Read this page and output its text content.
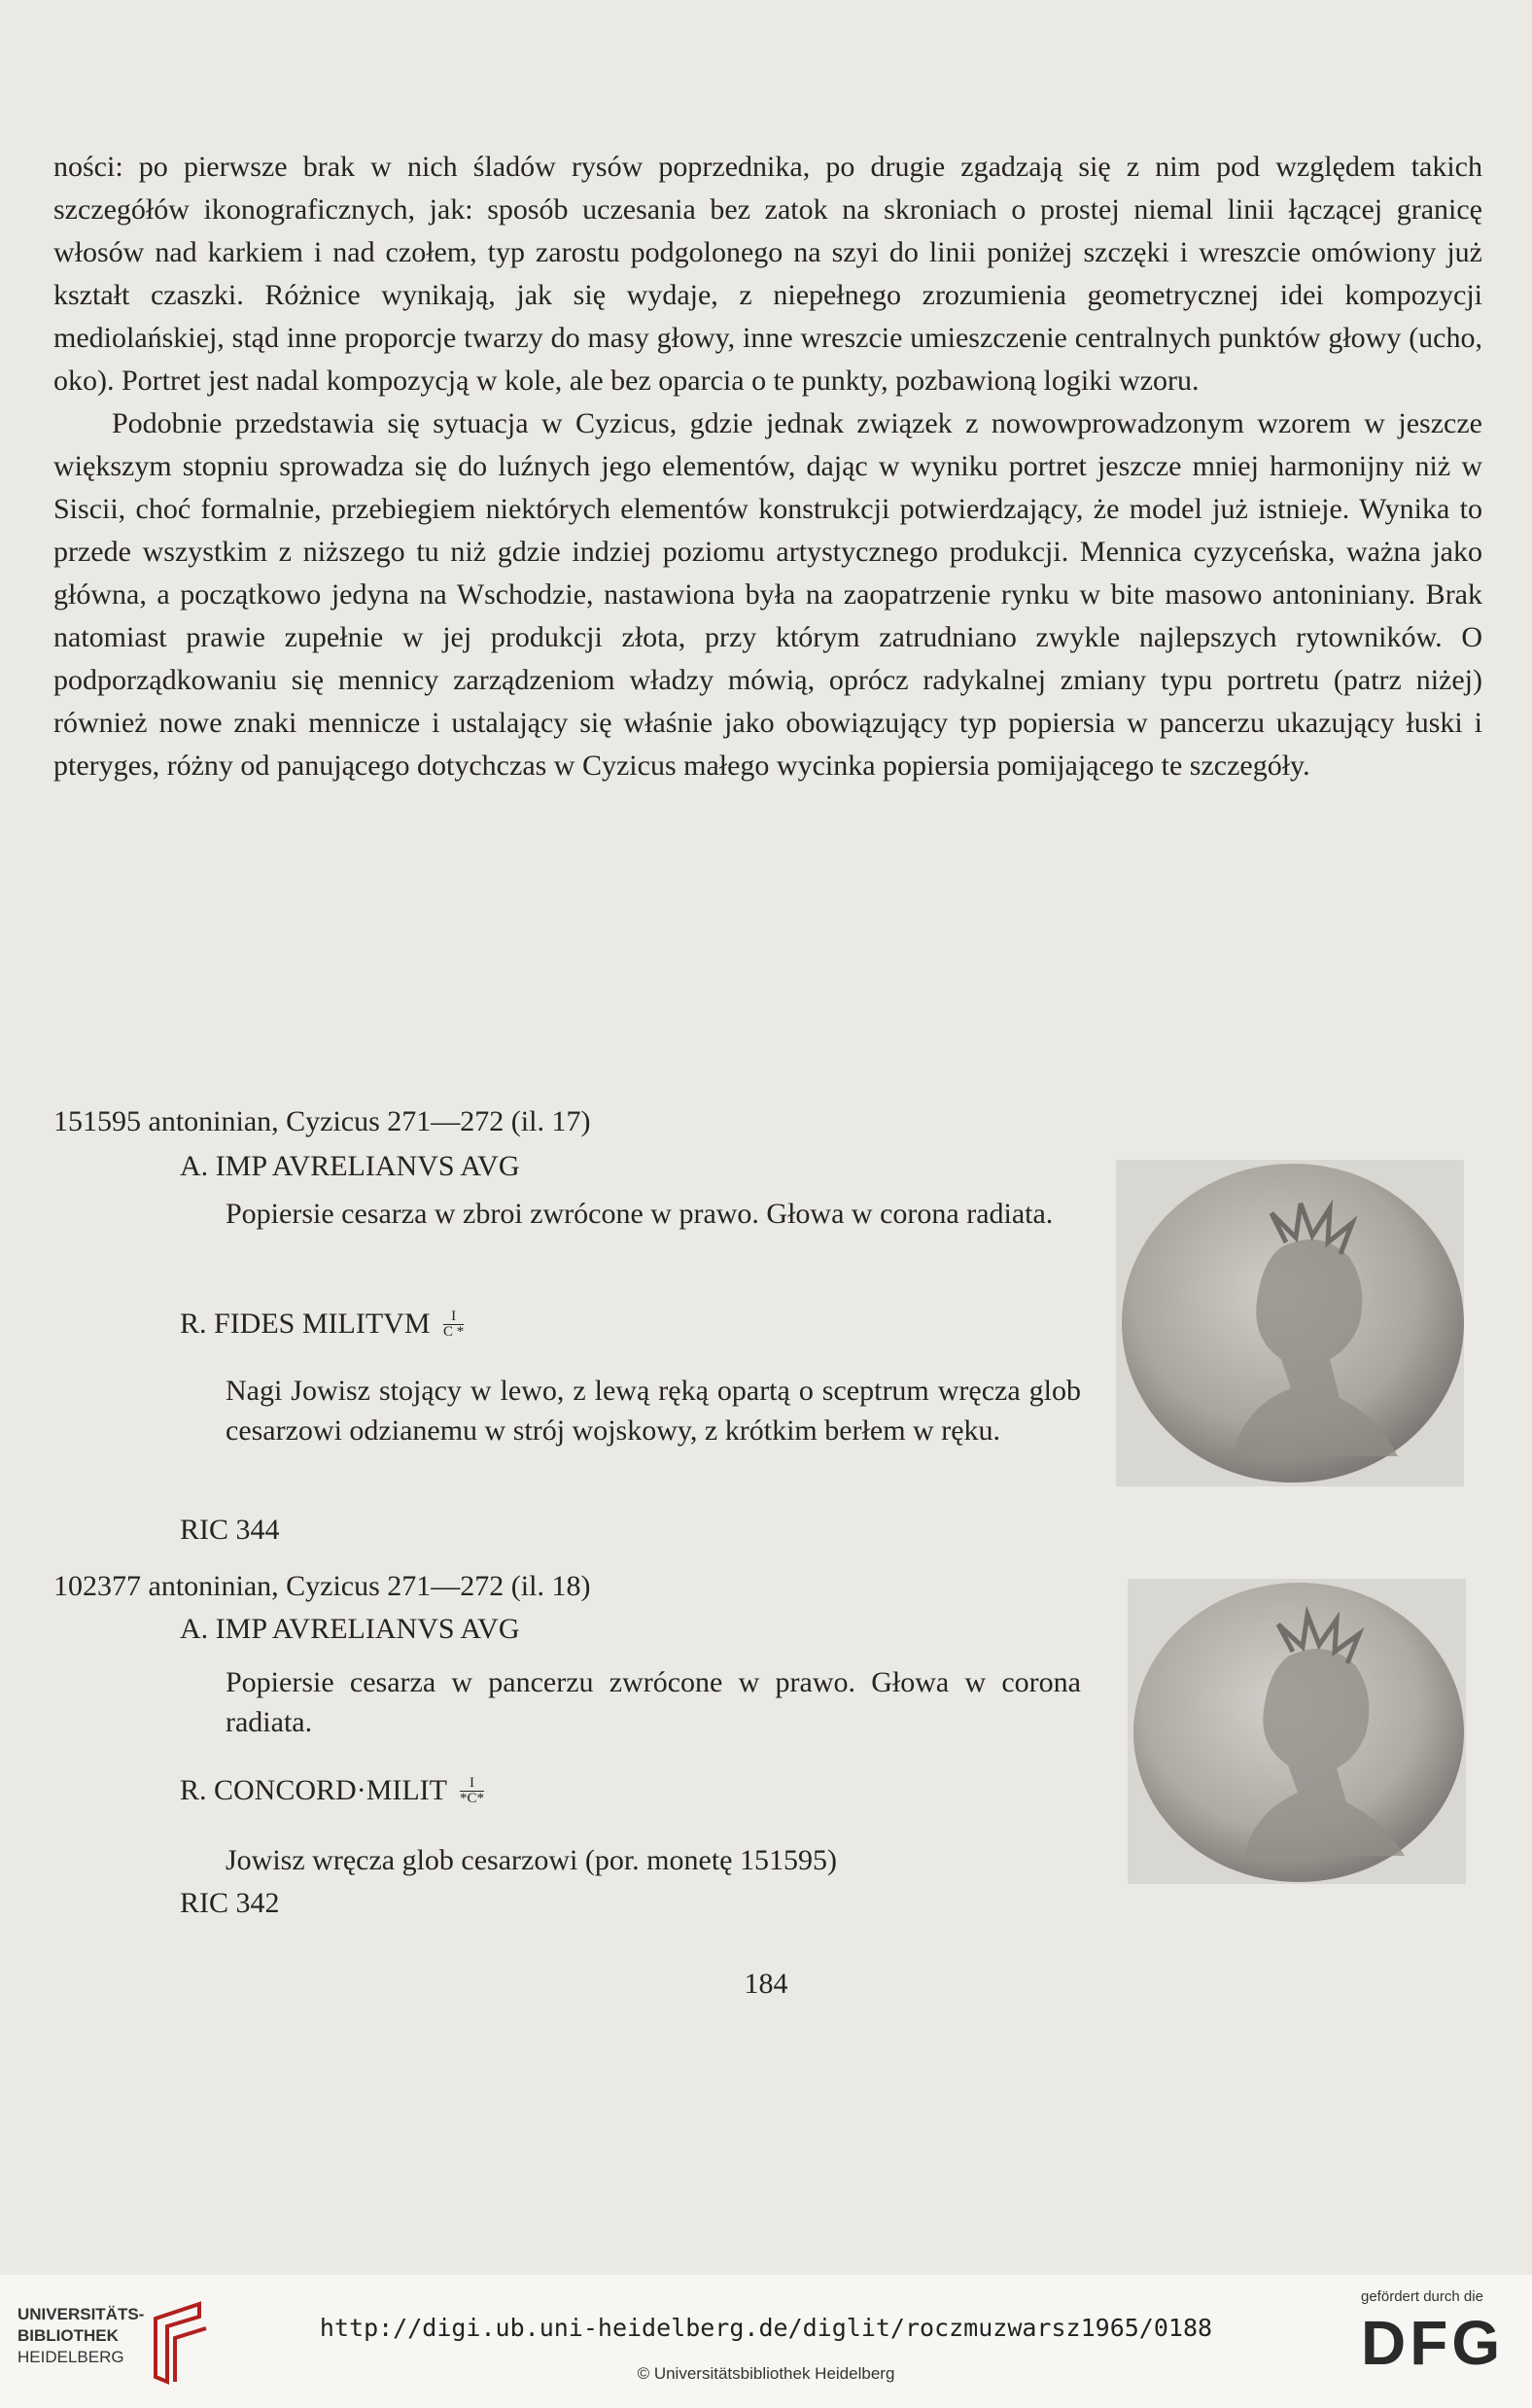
ności: po pierwsze brak w nich śladów rysów poprzednika, po drugie zgadzają się z nim pod względem takich szczegółów ikonograficznych, jak: sposób uczesania bez zatok na skroniach o prostej niemal linii łączącej granicę włosów nad karkiem i nad czołem, typ zarostu podgolonego na szyi do linii poniżej szczęki i wreszcie omówiony już kształt czaszki. Różnice wynikają, jak się wydaje, z niepełnego zrozumienia geometrycznej idei kompozycji mediolańskiej, stąd inne proporcje twarzy do masy głowy, inne wreszcie umieszczenie centralnych punktów głowy (ucho, oko). Portret jest nadal kompozycją w kole, ale bez oparcia o te punkty, pozbawioną logiki wzoru.

Podobnie przedstawia się sytuacja w Cyzicus, gdzie jednak związek z nowowprowadzonym wzorem w jeszcze większym stopniu sprowadza się do luźnych jego elementów, dając w wyniku portret jeszcze mniej harmonijny niż w Siscii, choć formalnie, przebiegiem niektórych elementów konstrukcji potwierdzający, że model już istnieje. Wynika to przede wszystkim z niższego tu niż gdzie indziej poziomu artystycznego produkcji. Mennica cyzyceńska, ważna jako główna, a początkowo jedyna na Wschodzie, nastawiona była na zaopatrzenie rynku w bite masowo antoniniany. Brak natomiast prawie zupełnie w jej produkcji złota, przy którym zatrudniano zwykle najlepszych rytowników. O podporządkowaniu się mennicy zarządzeniom władzy mówią, oprócz radykalnej zmiany typu portretu (patrz niżej) również nowe znaki mennicze i ustalający się właśnie jako obowiązujący typ popiersia w pancerzu ukazujący łuski i pteryges, różny od panującego dotychczas w Cyzicus małego wycinka popiersia pomijającego te szczegóły.

151595 antoninian, Cyzicus 271—272 (il. 17)
A. IMP AVRELIANVS AVG
Popiersie cesarza w zbroi zwrócone w prawo. Głowa w corona radiata.
R. FIDES MILITVM $\frac{I}{C *}$
Nagi Jowisz stojący w lewo, z lewą ręką opartą o sceptrum wręcza glob cesarzowi odzianemu w strój wojskowy, z krótkim berłem w ręku.
RIC 344
102377 antoninian, Cyzicus 271—272 (il. 18)
A. IMP AVRELIANVS AVG
Popiersie cesarza w pancerzu zwrócone w prawo. Głowa w corona radiata.
R. CONCORD·MILIT $\frac{I}{*C*}$
Jowisz wręcza glob cesarzowi (por. monetę 151595)
RIC 342
184
UNIVERSITÄTS-
BIBLIOTHEK
HEIDELBERG
http://digi.ub.uni-heidelberg.de/diglit/roczmuzwarsz1965/0188
© Universitätsbibliothek Heidelberg
gefördert durch die
DFG
